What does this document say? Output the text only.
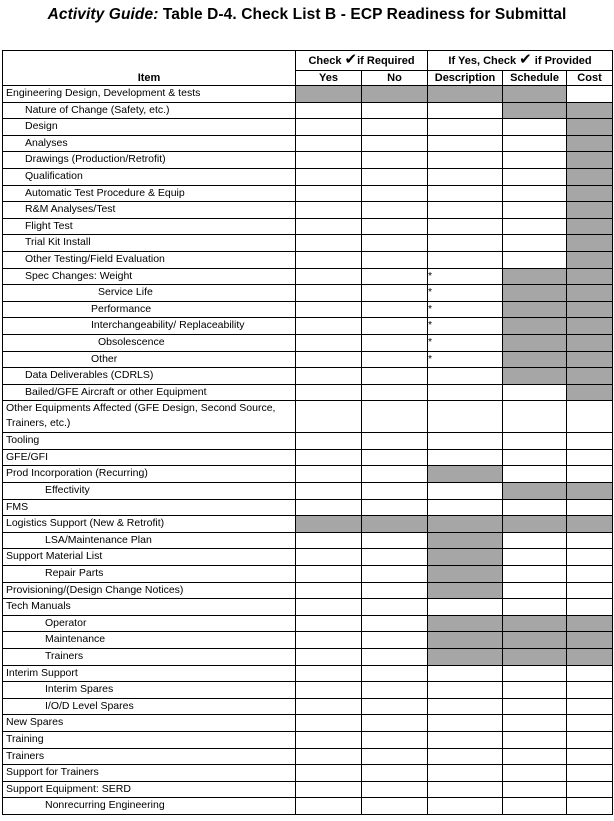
Activity Guide: Table D-4. Check List B - ECP Readiness for Submittal
	Check ✔if Required		If Yes, Check ✔ if Provided		
Item	Yes	No	Description	Schedule	Cost
Engineering Design, Development & tests					
Nature of Change (Safety, etc.)					
Design					
Analyses					
Drawings (Production/Retrofit)					
Qualification					
Automatic Test Procedure & Equip					
R&M Analyses/Test					
Flight Test					
Trial Kit Install					
Other Testing/Field Evaluation					
Spec Changes: Weight			*		
Service Life			*		
Performance			*		
Interchangeability/ Replaceability			*		
Obsolescence			*		
Other			*		
Data Deliverables (CDRLS)					
Bailed/GFE Aircraft or other Equipment					
Other Equipments Affected (GFE Design, Second Source, Trainers, etc.)					
Tooling					
GFE/GFI					
Prod Incorporation (Recurring)					
Effectivity					
FMS					
Logistics Support (New & Retrofit)					
LSA/Maintenance Plan					
Support Material List					
Repair Parts					
Provisioning/(Design Change Notices)					
Tech Manuals					
Operator					
Maintenance					
Trainers					
Interim Support					
Interim Spares					
I/O/D Level Spares					
New Spares					
Training					
Trainers					
Support for Trainers					
Support Equipment: SERD					
Nonrecurring Engineering					
